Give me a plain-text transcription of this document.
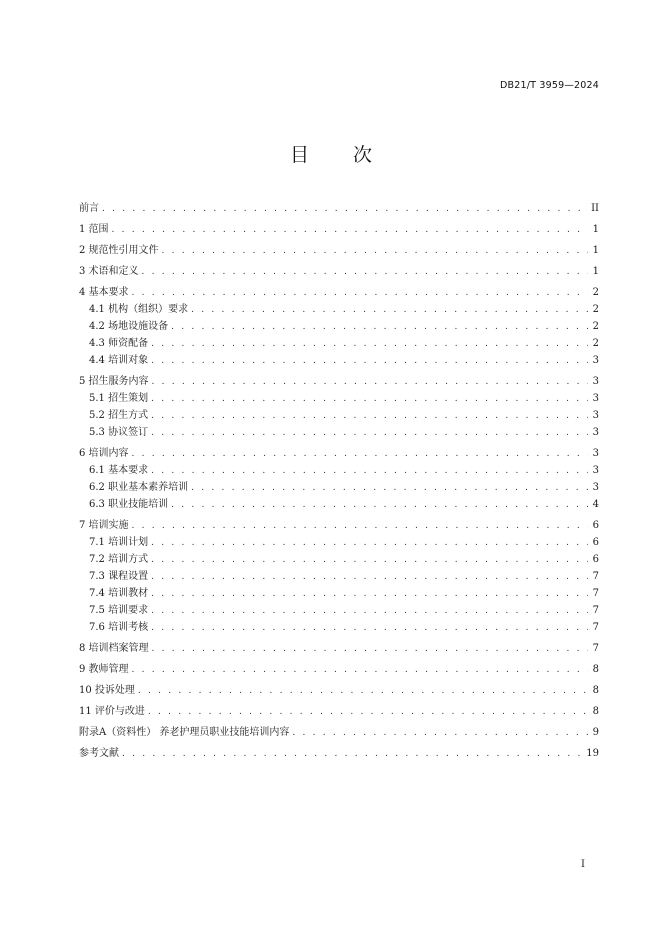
DB21/T 3959—2024
目 次
前言 . . .	II
1 范围 . . .	1
2 规范性引用文件 . . .	1
3 术语和定义 . . .	1
4 基本要求 . . .	2
4.1 机构（组织）要求 . . .	2
4.2 场地设施设备 . . .	2
4.3 师资配备 . . .	2
4.4 培训对象 . . .	3
5 招生服务内容 . . .	3
5.1 招生策划 . . .	3
5.2 招生方式 . . .	3
5.3 协议签订 . . .	3
6 培训内容 . . .	3
6.1 基本要求 . . .	3
6.2 职业基本素养培训 . . .	3
6.3 职业技能培训 . . .	4
7 培训实施 . . .	6
7.1 培训计划 . . .	6
7.2 培训方式 . . .	6
7.3 课程设置 . . .	7
7.4 培训教材 . . .	7
7.5 培训要求 . . .	7
7.6 培训考核 . . .	7
8 培训档案管理 . . .	7
9 教师管理 . . .	8
10 投诉处理 . . .	8
11 评价与改进 . . .	8
附录A（资料性） 养老护理员职业技能培训内容 . . .	9
参考文献 . . .	19
I
